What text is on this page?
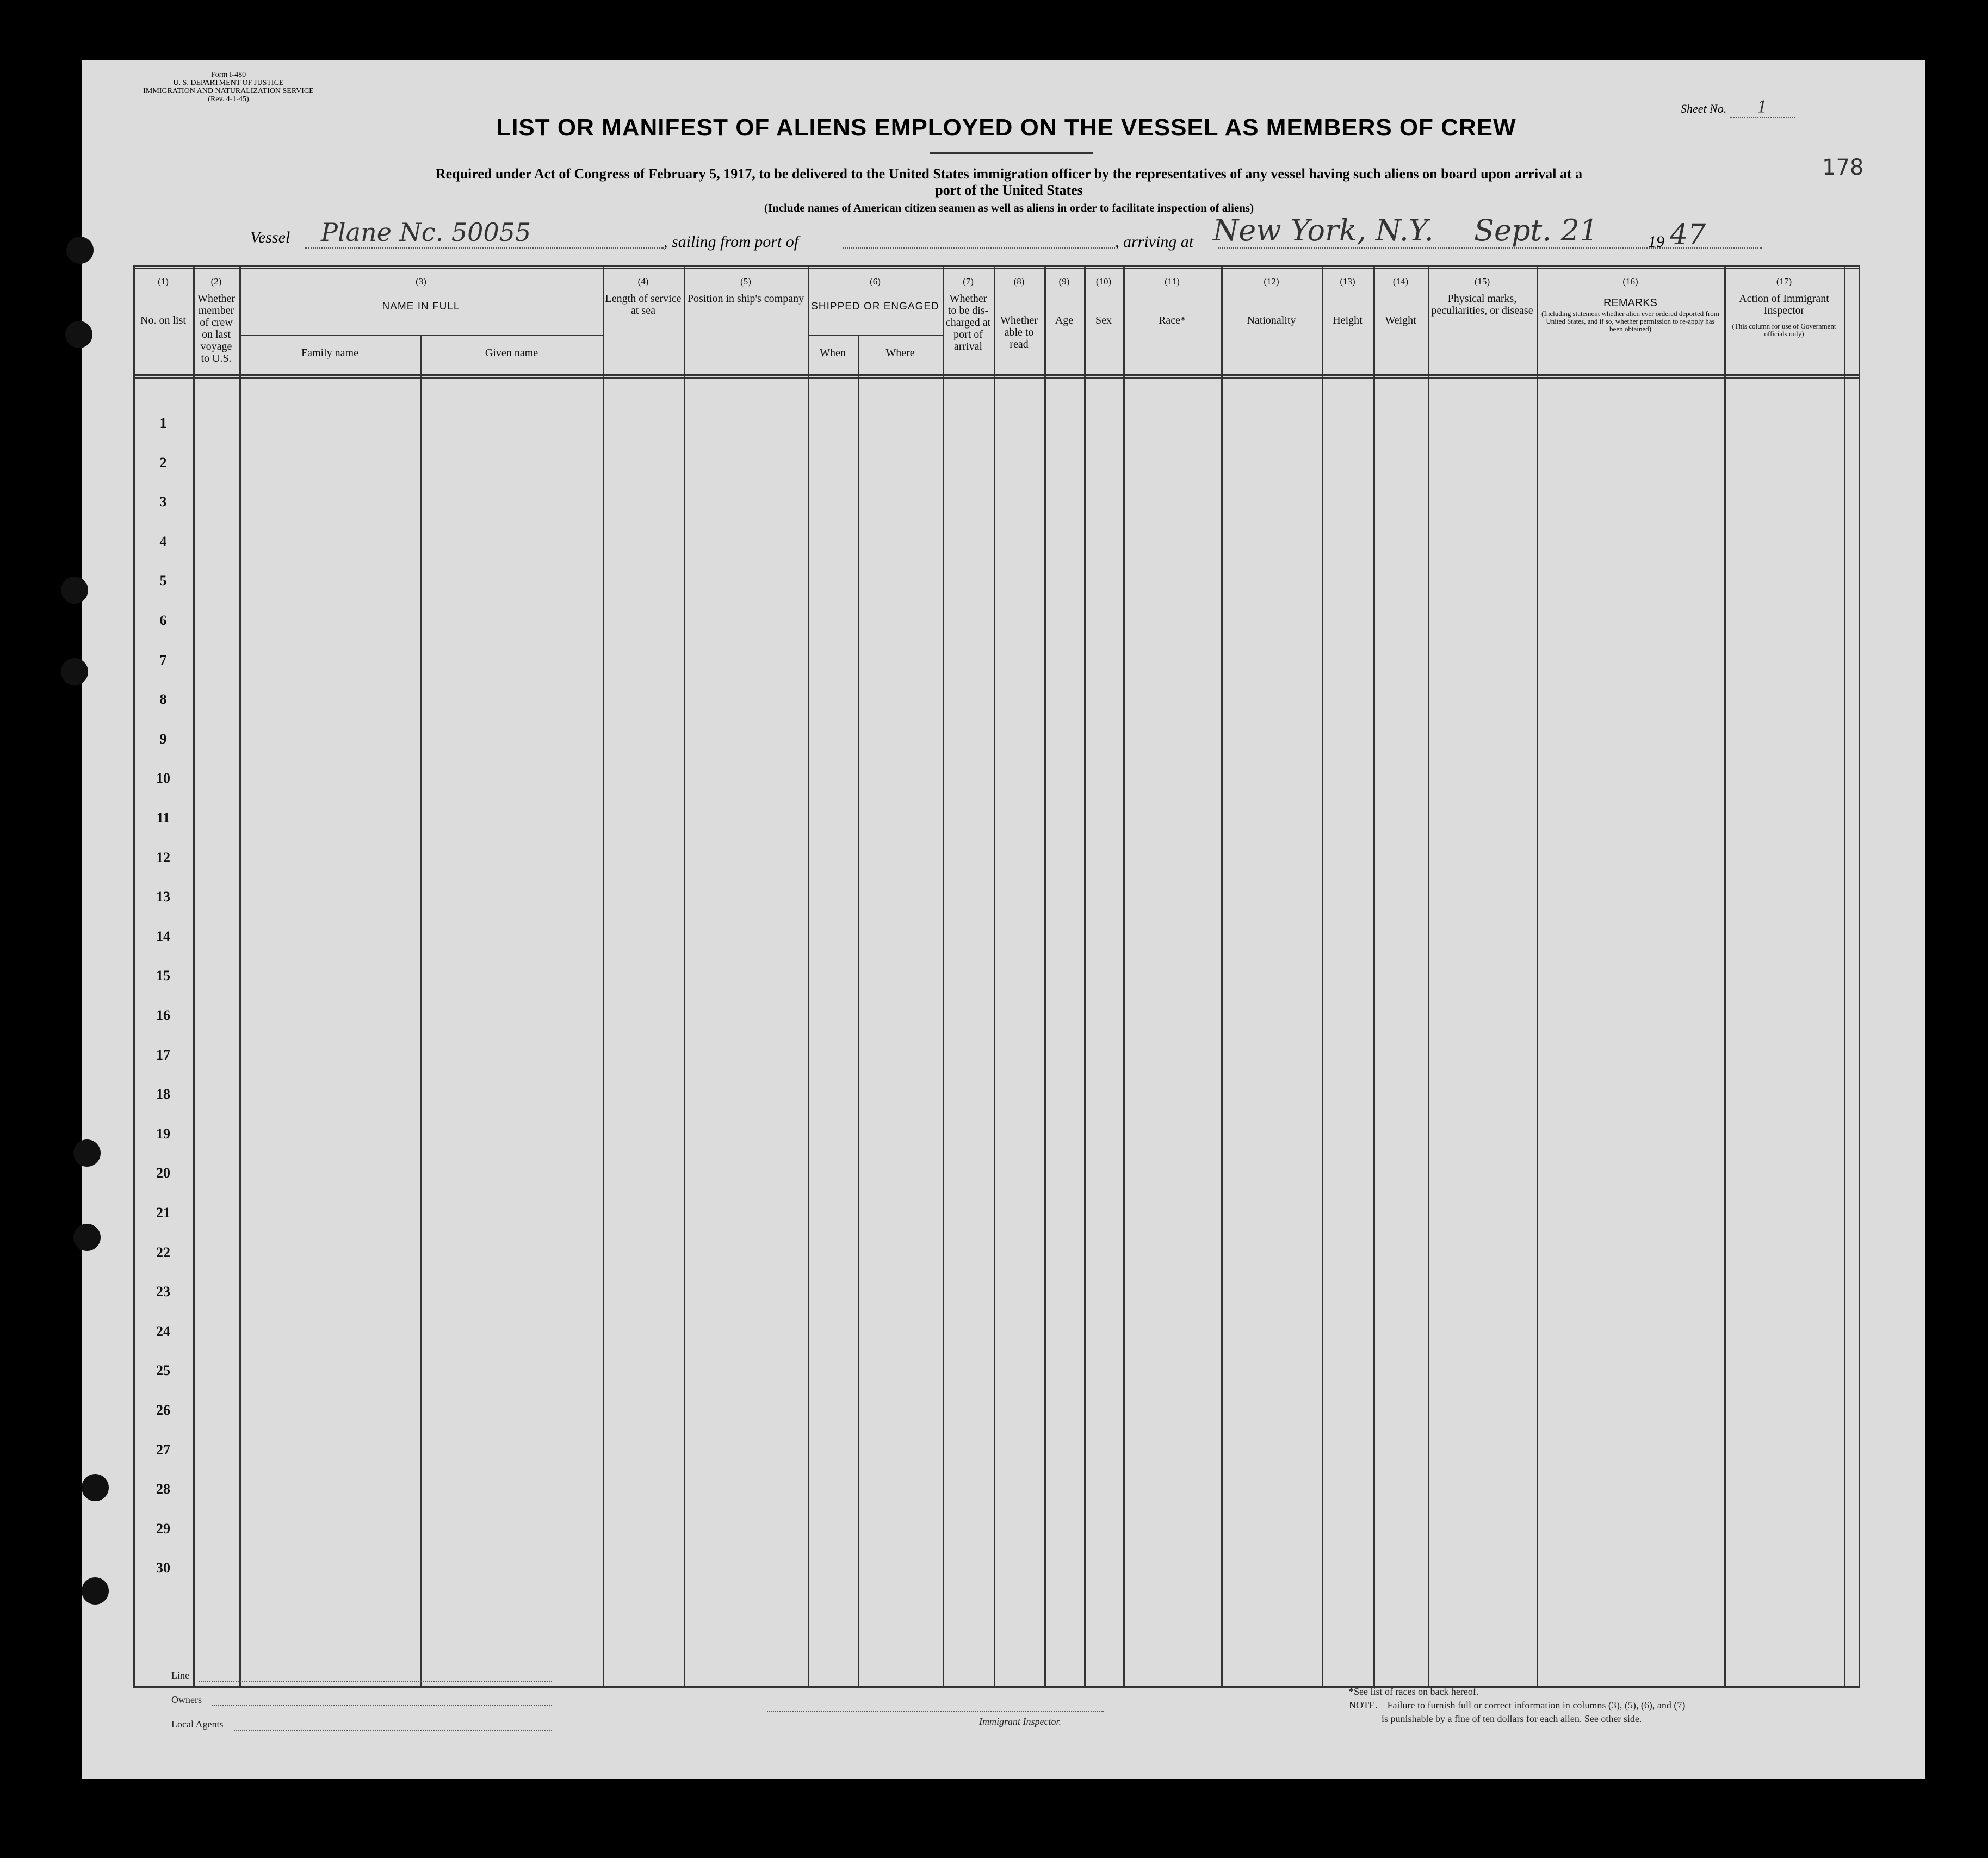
Form I-480
U. S. DEPARTMENT OF JUSTICE
IMMIGRATION AND NATURALIZATION SERVICE
(Rev. 4-1-45)
Sheet No. 1
LIST OR MANIFEST OF ALIENS EMPLOYED ON THE VESSEL AS MEMBERS OF CREW
Required under Act of Congress of February 5, 1917, to be delivered to the United States immigration officer by the representatives of any vessel having such aliens on board upon arrival at a
port of the United States
(Include names of American citizen seamen as well as aliens in order to facilitate inspection of aliens)
178
Vessel Plane Nc. 50055	, sailing from port of	, arriving at New York, N.Y. Sept. 21	19 47
(1)
No. on list
(2)
Whether member of crew on last voyage to U.S.
(3)
NAME IN FULL
Family name	Given name
(4)
Length of service at sea
(5)
Position in ship's company
(6)
SHIPPED OR ENGAGED
When	Where
(7)
Whether to be dis-charged at port of arrival
(8)
Whether able to read
(9)
Age
(10)
Sex
(11)
Race*
(12)
Nationality
(13)
Height
(14)
Weight
(15)
Physical marks, peculiarities, or disease
(16)
REMARKS
(Including statement whether alien ever ordered deported from United States, and if so, whether permission to re-apply has been obtained)
(17)
Action of Immigrant Inspector
(This column for use of Government officials only)
1
2
3
4
5
6
7
8
9
10
11
12
13
14
15
16
17
18
19
20
21
22
23
24
25
26
27
28
29
30
Line
Owners
Local Agents	Immigrant Inspector.
*See list of races on back hereof.
NOTE.—Failure to furnish full or correct information in columns (3), (5), (6), and (7)
is punishable by a fine of ten dollars for each alien. See other side.
